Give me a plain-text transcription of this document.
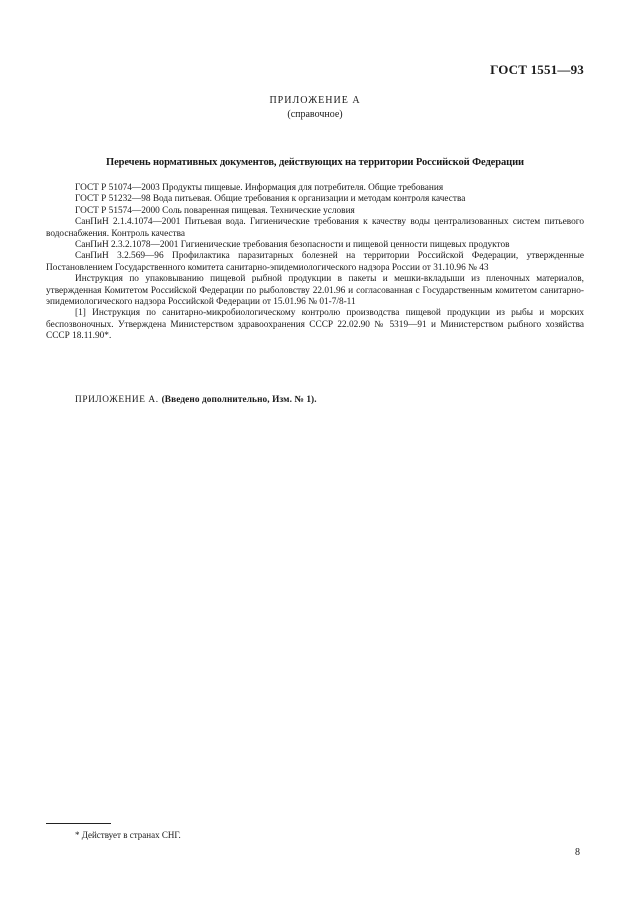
ГОСТ 1551—93
ПРИЛОЖЕНИЕ А
(справочное)
Перечень нормативных документов, действующих на территории Российской Федерации
ГОСТ Р 51074—2003 Продукты пищевые. Информация для потребителя. Общие требования
ГОСТ Р 51232—98 Вода питьевая. Общие требования к организации и методам контроля качества
ГОСТ Р 51574—2000 Соль поваренная пищевая. Технические условия
СанПиН 2.1.4.1074—2001 Питьевая вода. Гигиенические требования к качеству воды централизованных систем питьевого водоснабжения. Контроль качества
СанПиН 2.3.2.1078—2001 Гигиенические требования безопасности и пищевой ценности пищевых продуктов
СанПиН 3.2.569—96 Профилактика паразитарных болезней на территории Российской Федерации, утвержденные Постановлением Государственного комитета санитарно-эпидемиологического надзора России от 31.10.96 № 43
Инструкция по упаковыванию пищевой рыбной продукции в пакеты и мешки-вкладыши из пленочных материалов, утвержденная Комитетом Российской Федерации по рыболовству 22.01.96 и согласованная с Государственным комитетом санитарно-эпидемиологического надзора Российской Федерации от 15.01.96 № 01-7/8-11
[1] Инструкция по санитарно-микробиологическому контролю производства пищевой продукции из рыбы и морских беспозвоночных. Утверждена Министерством здравоохранения СССР 22.02.90 № 5319—91 и Министерством рыбного хозяйства СССР 18.11.90*.
ПРИЛОЖЕНИЕ А. (Введено дополнительно, Изм. № 1).
* Действует в странах СНГ.
8
